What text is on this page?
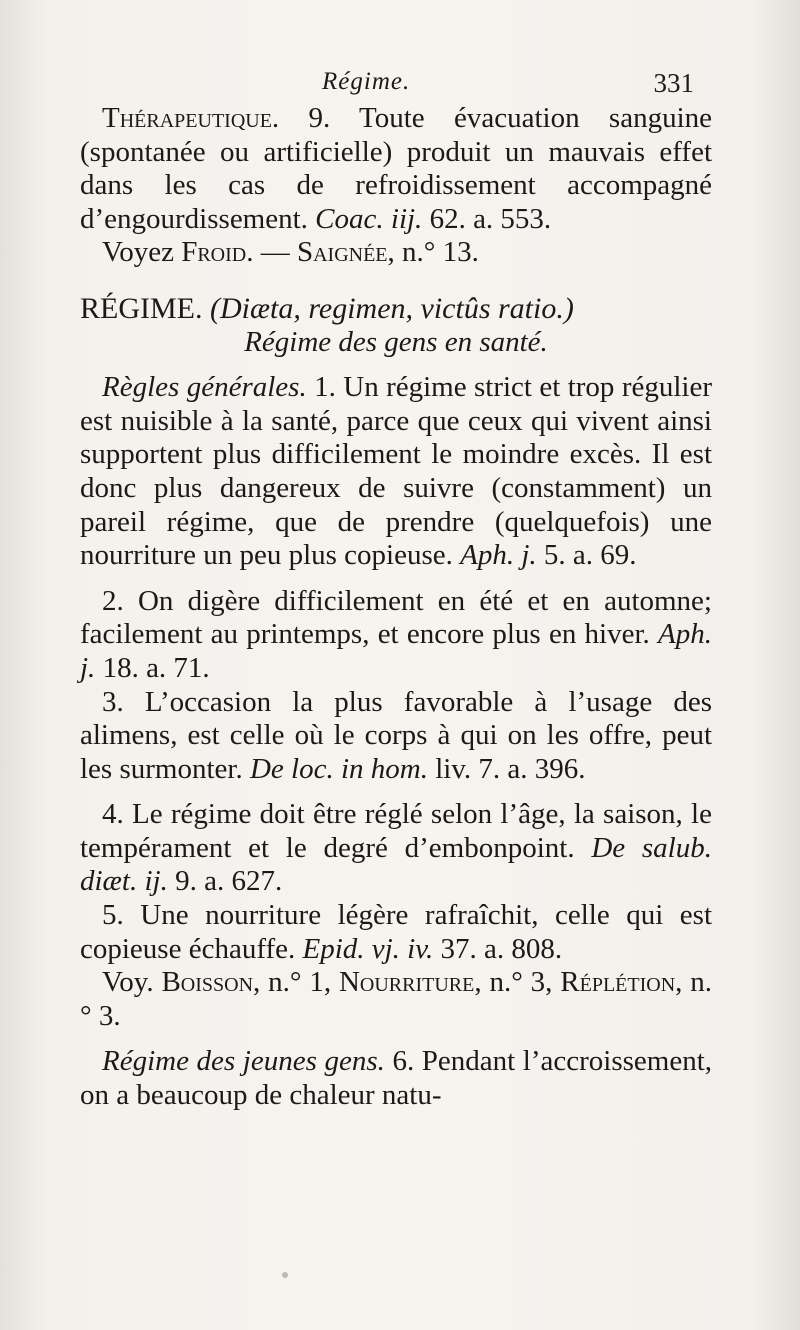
Régime.	331

Thérapeutique. 9. Toute évacuation sanguine (spontanée ou artificielle) produit un mauvais effet dans les cas de refroidissement accompagné d’engourdissement. Coac. iij. 62. a. 553.

Voyez Froid. — Saignée, n.° 13.

RÉGIME. (Diæta, regimen, victûs ratio.)

Régime des gens en santé.

Règles générales. 1. Un régime strict et trop régulier est nuisible à la santé, parce que ceux qui vivent ainsi supportent plus difficilement le moindre excès. Il est donc plus dangereux de suivre (constamment) un pareil régime, que de prendre (quelquefois) une nourriture un peu plus copieuse. Aph. j. 5. a. 69.

2. On digère difficilement en été et en automne; facilement au printemps, et encore plus en hiver. Aph. j. 18. a. 71.

3. L’occasion la plus favorable à l’usage des alimens, est celle où le corps à qui on les offre, peut les surmonter. De loc. in hom. liv. 7. a. 396.

4. Le régime doit être réglé selon l’âge, la saison, le tempérament et le degré d’embonpoint. De salub. diæt. ij. 9. a. 627.

5. Une nourriture légère rafraîchit, celle qui est copieuse échauffe. Epid. vj. iv. 37. a. 808.

Voy. Boisson, n.° 1, Nourriture, n.° 3, Réplétion, n.° 3.

Régime des jeunes gens. 6. Pendant l’accroissement, on a beaucoup de chaleur natu-
